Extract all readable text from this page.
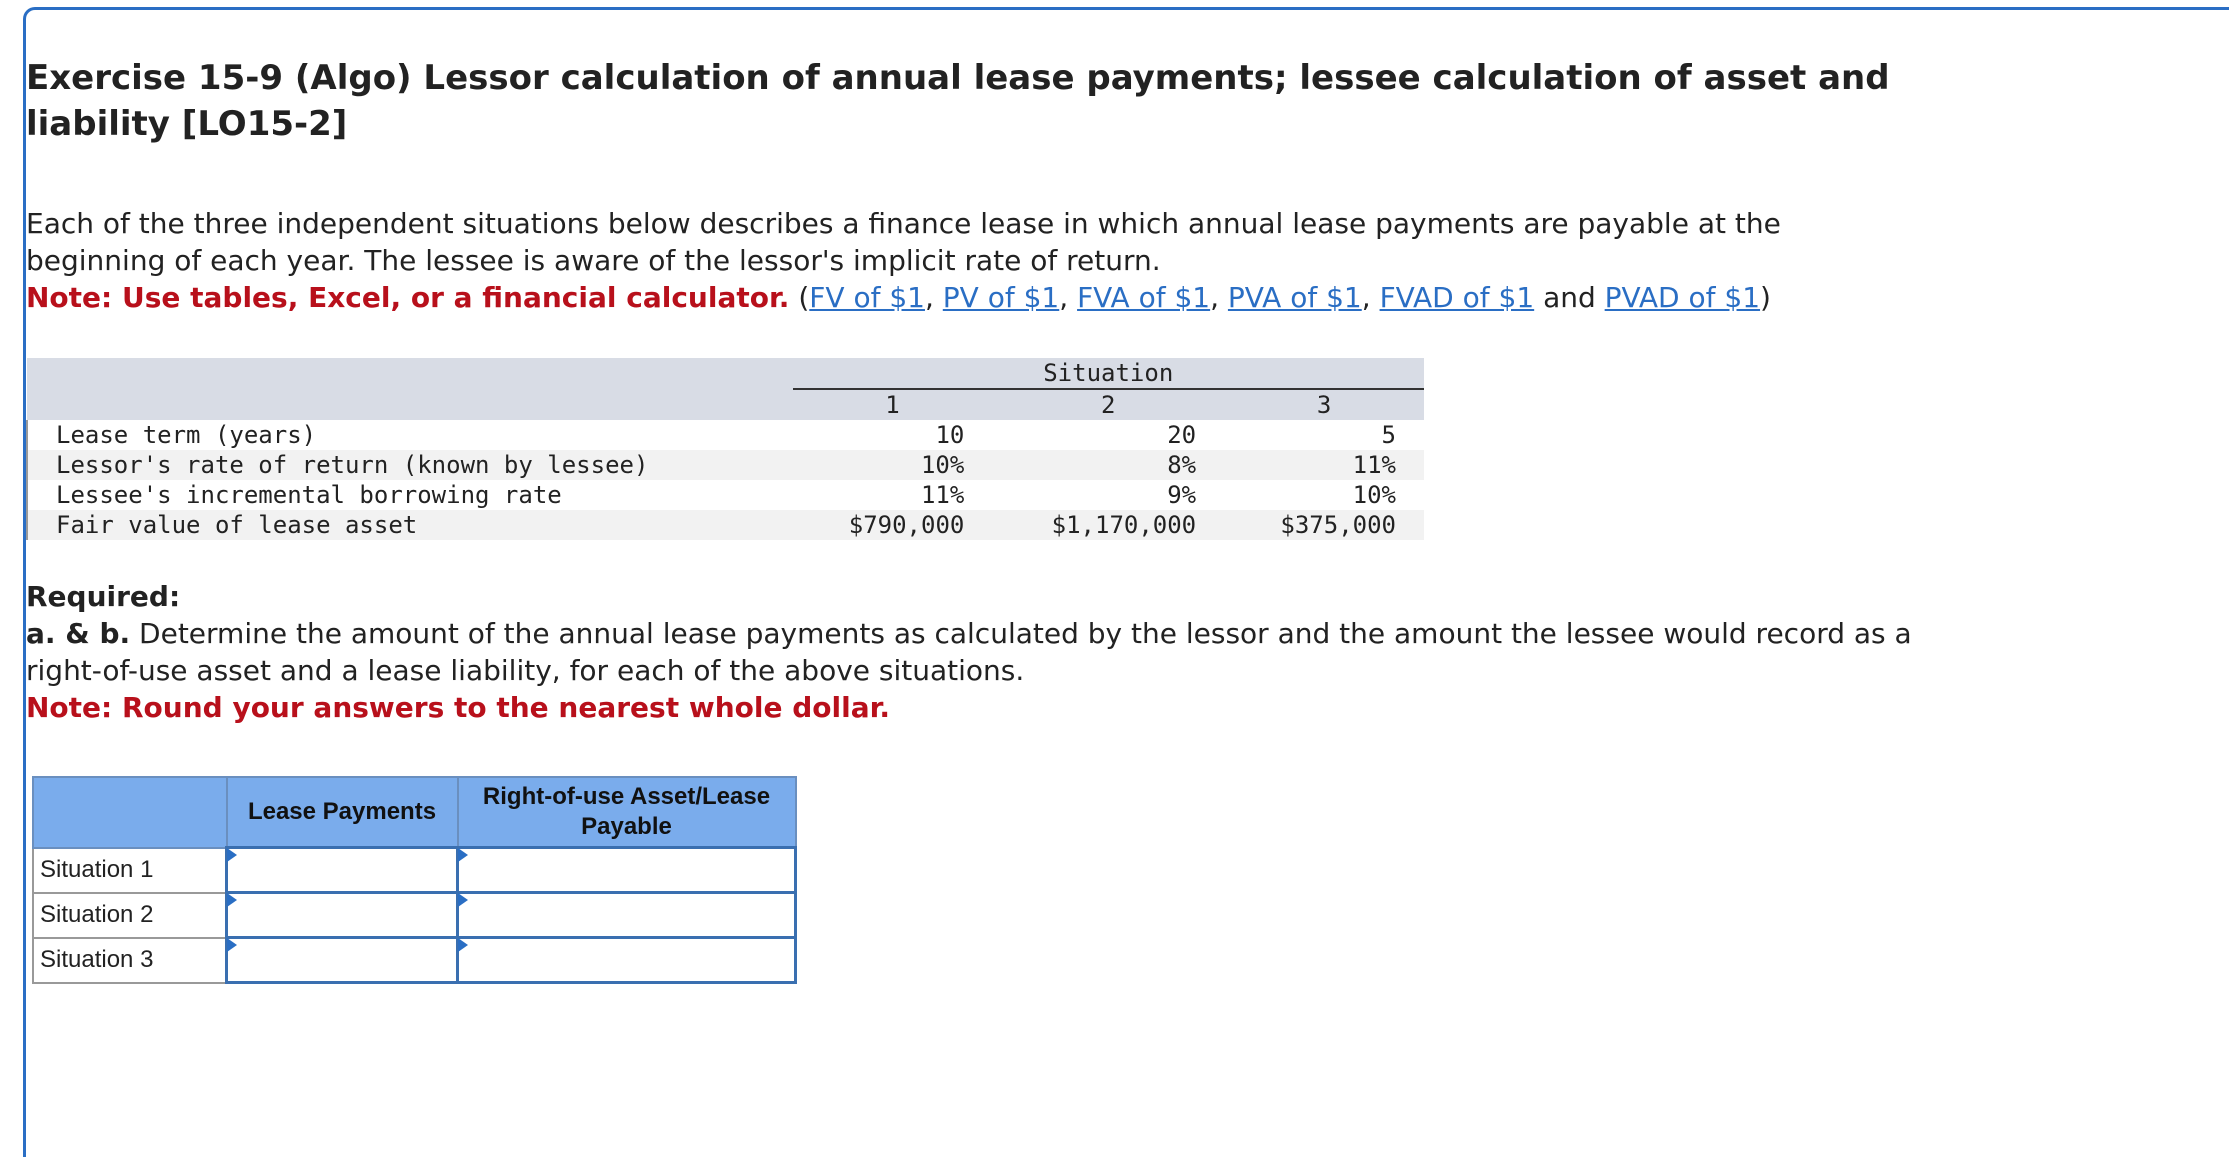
Exercise 15-9 (Algo) Lessor calculation of annual lease payments; lessee calculation of asset and liability [LO15-2]

Each of the three independent situations below describes a finance lease in which annual lease payments are payable at the beginning of each year. The lessee is aware of the lessor's implicit rate of return.

Note: Use tables, Excel, or a financial calculator. (FV of $1, PV of $1, FVA of $1, PVA of $1, FVAD of $1 and PVAD of $1)

	Situation		
	1	2	3
Lease term (years)	10	20	5
Lessor's rate of return (known by lessee)	10%	8%	11%
Lessee's incremental borrowing rate	11%	9%	10%
Fair value of lease asset	$790,000	$1,170,000	$375,000

Required:

a. & b. Determine the amount of the annual lease payments as calculated by the lessor and the amount the lessee would record as a right-of-use asset and a lease liability, for each of the above situations.

Note: Round your answers to the nearest whole dollar.

	Lease Payments	Right-of-use Asset/Lease Payable
Situation 1	

Situation 2	

Situation 3	
